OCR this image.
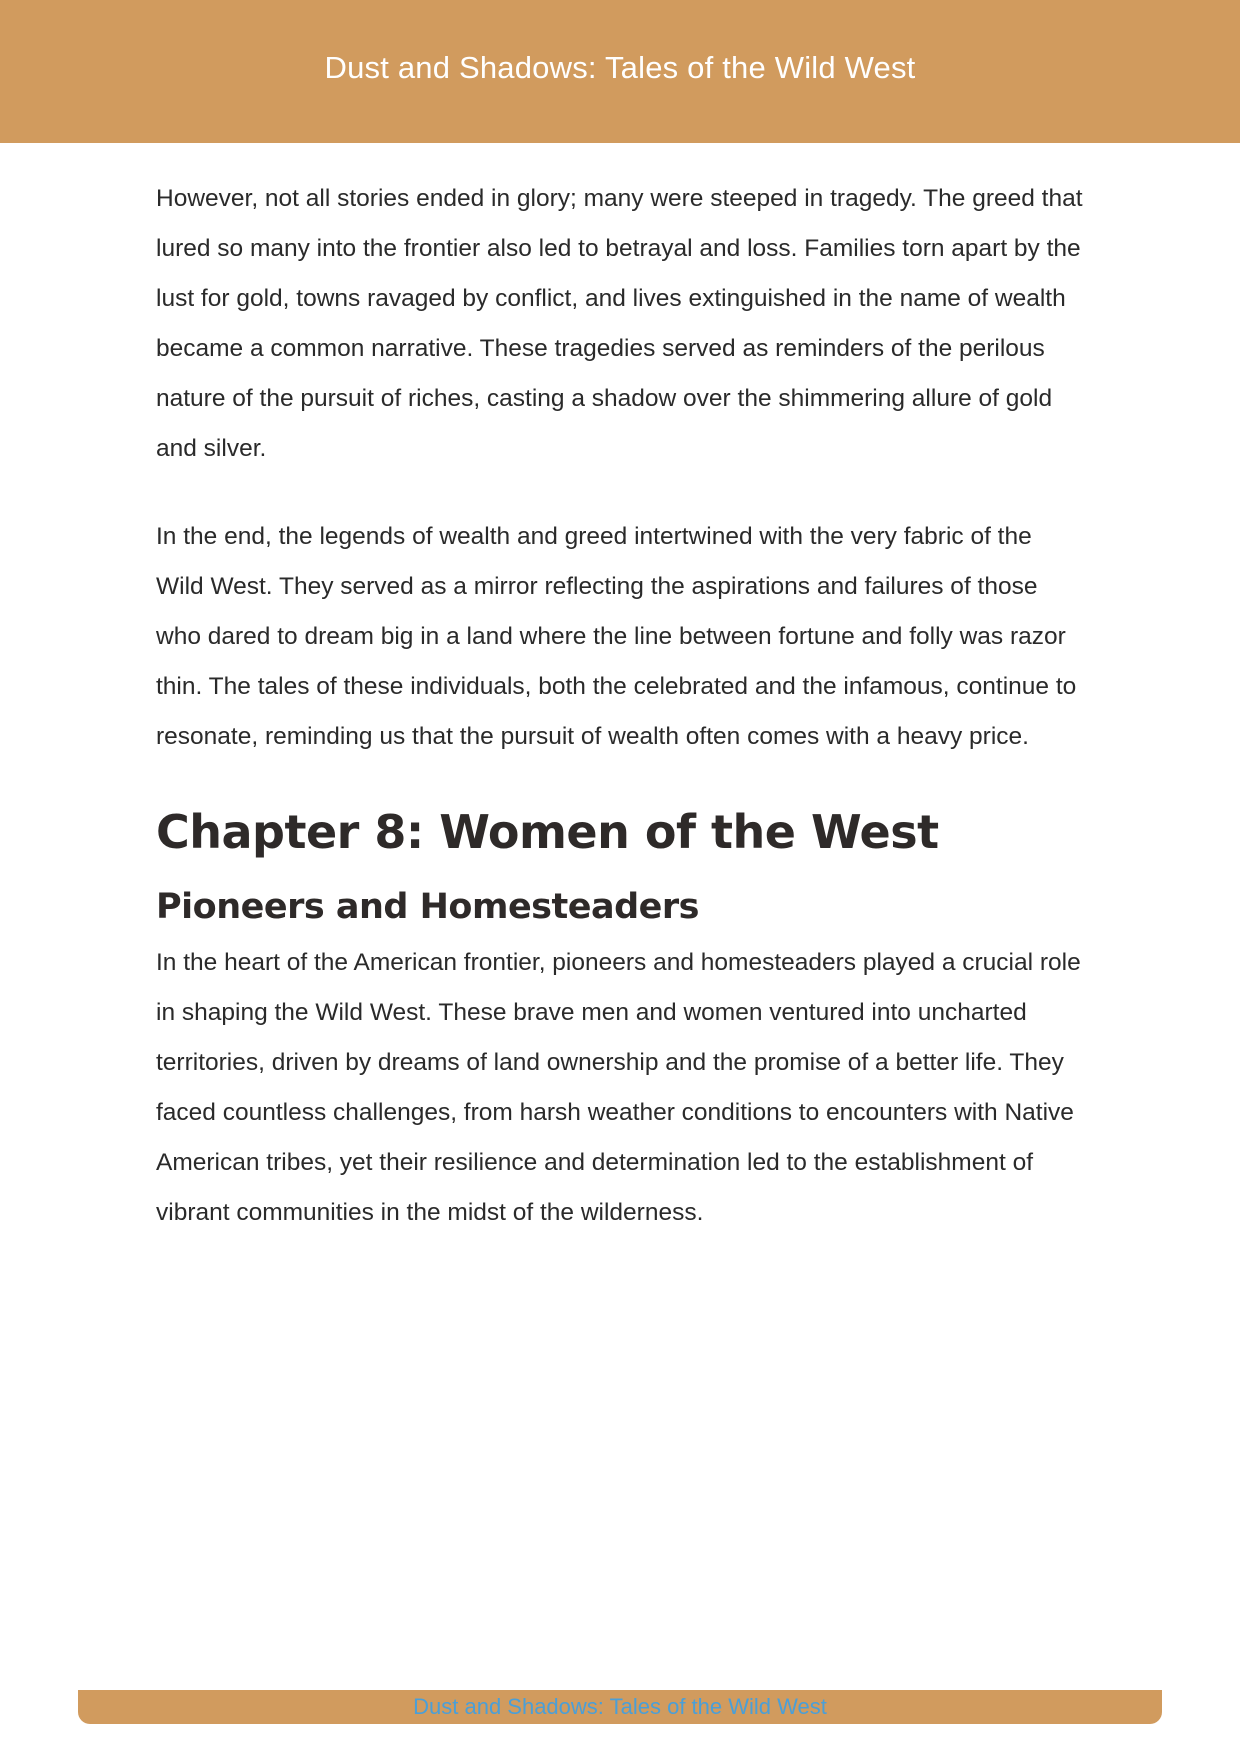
Dust and Shadows: Tales of the Wild West

However, not all stories ended in glory; many were steeped in tragedy. The greed that lured so many into the frontier also led to betrayal and loss. Families torn apart by the lust for gold, towns ravaged by conflict, and lives extinguished in the name of wealth became a common narrative. These tragedies served as reminders of the perilous nature of the pursuit of riches, casting a shadow over the shimmering allure of gold and silver.

In the end, the legends of wealth and greed intertwined with the very fabric of the Wild West. They served as a mirror reflecting the aspirations and failures of those who dared to dream big in a land where the line between fortune and folly was razor thin. The tales of these individuals, both the celebrated and the infamous, continue to resonate, reminding us that the pursuit of wealth often comes with a heavy price.

Chapter 8: Women of the West
Pioneers and Homesteaders

In the heart of the American frontier, pioneers and homesteaders played a crucial role in shaping the Wild West. These brave men and women ventured into uncharted territories, driven by dreams of land ownership and the promise of a better life. They faced countless challenges, from harsh weather conditions to encounters with Native American tribes, yet their resilience and determination led to the establishment of vibrant communities in the midst of the wilderness.

Dust and Shadows: Tales of the Wild West
